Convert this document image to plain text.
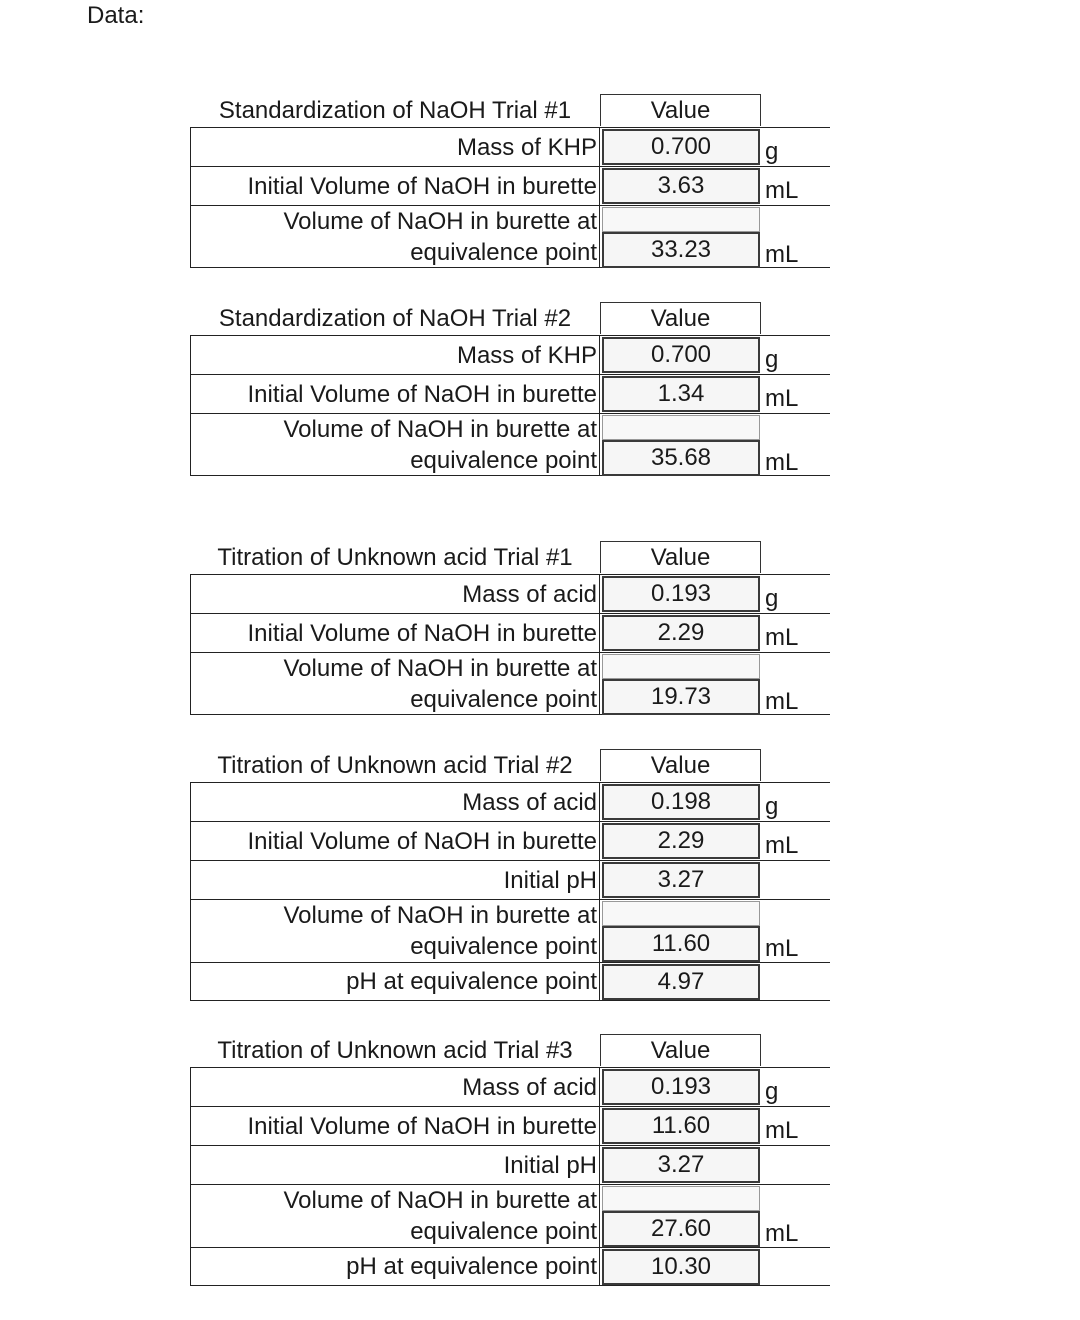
Data:
Standardization of NaOH Trial #1	Value
Mass of KHP	0.700	g
Initial Volume of NaOH in burette	3.63	mL
Volume of NaOH in burette at
equivalence point	33.23	mL
Standardization of NaOH Trial #2	Value
Mass of KHP	0.700	g
Initial Volume of NaOH in burette	1.34	mL
Volume of NaOH in burette at
equivalence point	35.68	mL
Titration of Unknown acid Trial #1	Value
Mass of acid	0.193	g
Initial Volume of NaOH in burette	2.29	mL
Volume of NaOH in burette at
equivalence point	19.73	mL
Titration of Unknown acid Trial #2	Value
Mass of acid	0.198	g
Initial Volume of NaOH in burette	2.29	mL
Initial pH	3.27
Volume of NaOH in burette at
equivalence point	11.60	mL
pH at equivalence point	4.97
Titration of Unknown acid Trial #3	Value
Mass of acid	0.193	g
Initial Volume of NaOH in burette	11.60	mL
Initial pH	3.27
Volume of NaOH in burette at
equivalence point	27.60	mL
pH at equivalence point	10.30
